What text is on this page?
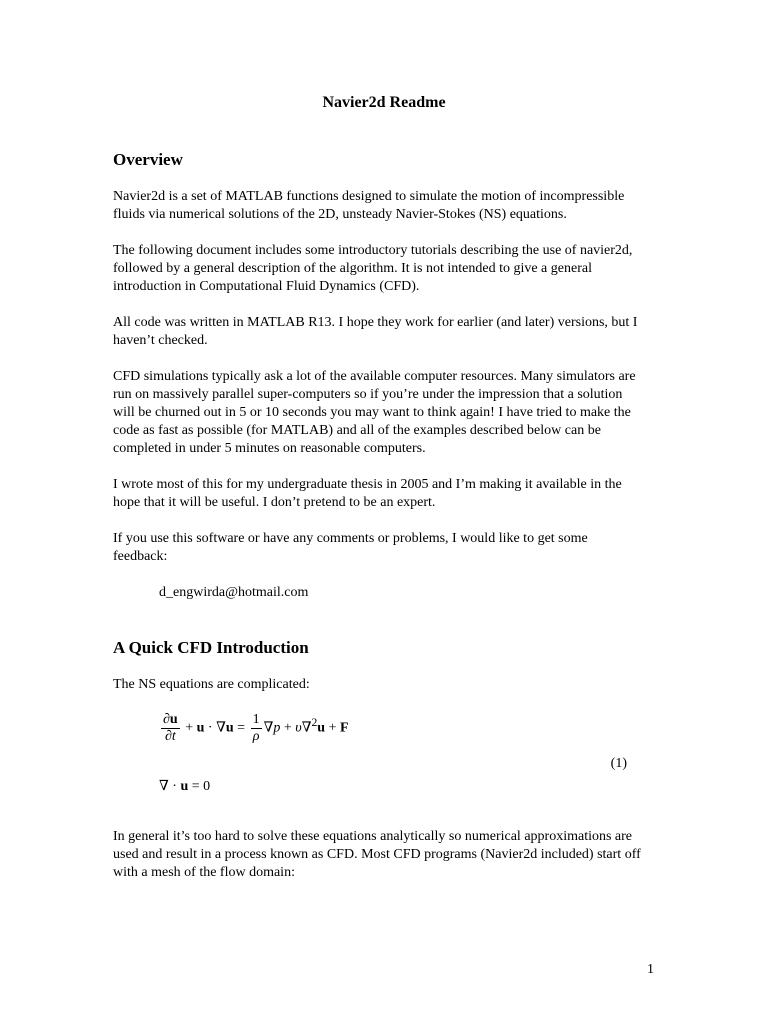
Navier2d Readme
Overview

Navier2d is a set of MATLAB functions designed to simulate the motion of incompressible fluids via numerical solutions of the 2D, unsteady Navier-Stokes (NS) equations.

The following document includes some introductory tutorials describing the use of navier2d, followed by a general description of the algorithm. It is not intended to give a general introduction in Computational Fluid Dynamics (CFD).

All code was written in MATLAB R13. I hope they work for earlier (and later) versions, but I haven’t checked.

CFD simulations typically ask a lot of the available computer resources. Many simulators are run on massively parallel super-computers so if you’re under the impression that a solution will be churned out in 5 or 10 seconds you may want to think again! I have tried to make the code as fast as possible (for MATLAB) and all of the examples described below can be completed in under 5 minutes on reasonable computers.

I wrote most of this for my undergraduate thesis in 2005 and I’m making it available in the hope that it will be useful. I don’t pretend to be an expert.

If you use this software or have any comments or problems, I would like to get some feedback:

d_engwirda@hotmail.com
A Quick CFD Introduction

The NS equations are complicated:

$\frac{\partial u}{\partial t} + u \cdot \nabla u = \frac{1}{\rho} \nabla p + \upsilon\nabla^2u + F$
(1)
∇ · u = 0

In general it’s too hard to solve these equations analytically so numerical approximations are used and result in a process known as CFD. Most CFD programs (Navier2d included) start off with a mesh of the flow domain:

1
